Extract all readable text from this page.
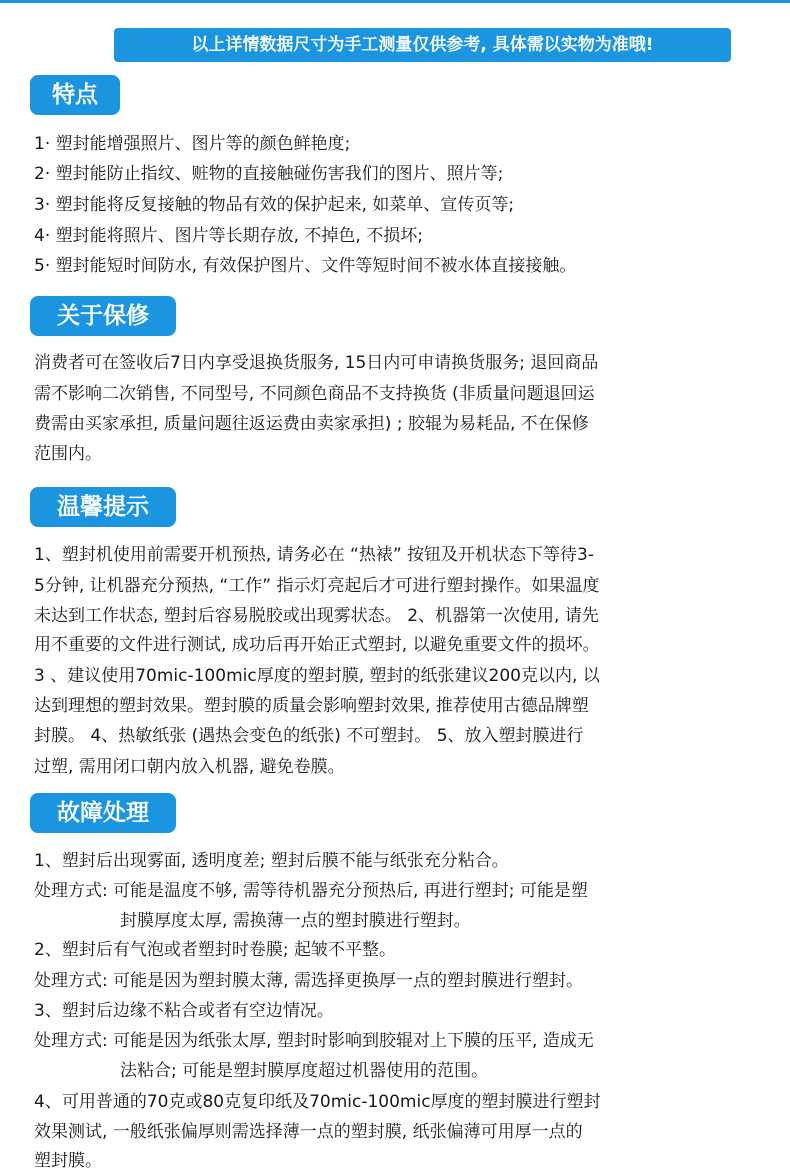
以上详情数据尺寸为手工测量仅供参考, 具体需以实物为准哦!
特点
1· 塑封能增强照片、图片等的颜色鲜艳度;
2· 塑封能防止指纹、赃物的直接触碰伤害我们的图片、照片等;
3· 塑封能将反复接触的物品有效的保护起来, 如菜单、宣传页等;
4· 塑封能将照片、图片等长期存放, 不掉色, 不损坏;
5· 塑封能短时间防水, 有效保护图片、文件等短时间不被水体直接接触。
关于保修
消费者可在签收后7日内享受退换货服务, 15日内可申请换货服务; 退回商品
需不影响二次销售, 不同型号, 不同颜色商品不支持换货 (非质量问题退回运
费需由买家承担, 质量问题往返运费由卖家承担) ; 胶辊为易耗品, 不在保修
范围内。
温馨提示
1、塑封机使用前需要开机预热, 请务必在 “热裱” 按钮及开机状态下等待3-
5分钟, 让机器充分预热, “工作” 指示灯亮起后才可进行塑封操作。如果温度
未达到工作状态, 塑封后容易脱胶或出现雾状态。 2、机器第一次使用, 请先
用不重要的文件进行测试, 成功后再开始正式塑封, 以避免重要文件的损坏。
3 、建议使用70mic-100mic厚度的塑封膜, 塑封的纸张建议200克以内, 以
达到理想的塑封效果。塑封膜的质量会影响塑封效果, 推荐使用古德品牌塑
封膜。 4、热敏纸张 (遇热会变色的纸张) 不可塑封。 5、放入塑封膜进行
过塑, 需用闭口朝内放入机器, 避免卷膜。
故障处理
1、塑封后出现雾面, 透明度差; 塑封后膜不能与纸张充分粘合。
处理方式: 可能是温度不够, 需等待机器充分预热后, 再进行塑封; 可能是塑
封膜厚度太厚, 需换薄一点的塑封膜进行塑封。
2、塑封后有气泡或者塑封时卷膜; 起皱不平整。
处理方式: 可能是因为塑封膜太薄, 需选择更换厚一点的塑封膜进行塑封。
3、塑封后边缘不粘合或者有空边情况。
处理方式: 可能是因为纸张太厚, 塑封时影响到胶辊对上下膜的压平, 造成无
法粘合; 可能是塑封膜厚度超过机器使用的范围。
4、可用普通的70克或80克复印纸及70mic-100mic厚度的塑封膜进行塑封
效果测试, 一般纸张偏厚则需选择薄一点的塑封膜, 纸张偏薄可用厚一点的
塑封膜。
